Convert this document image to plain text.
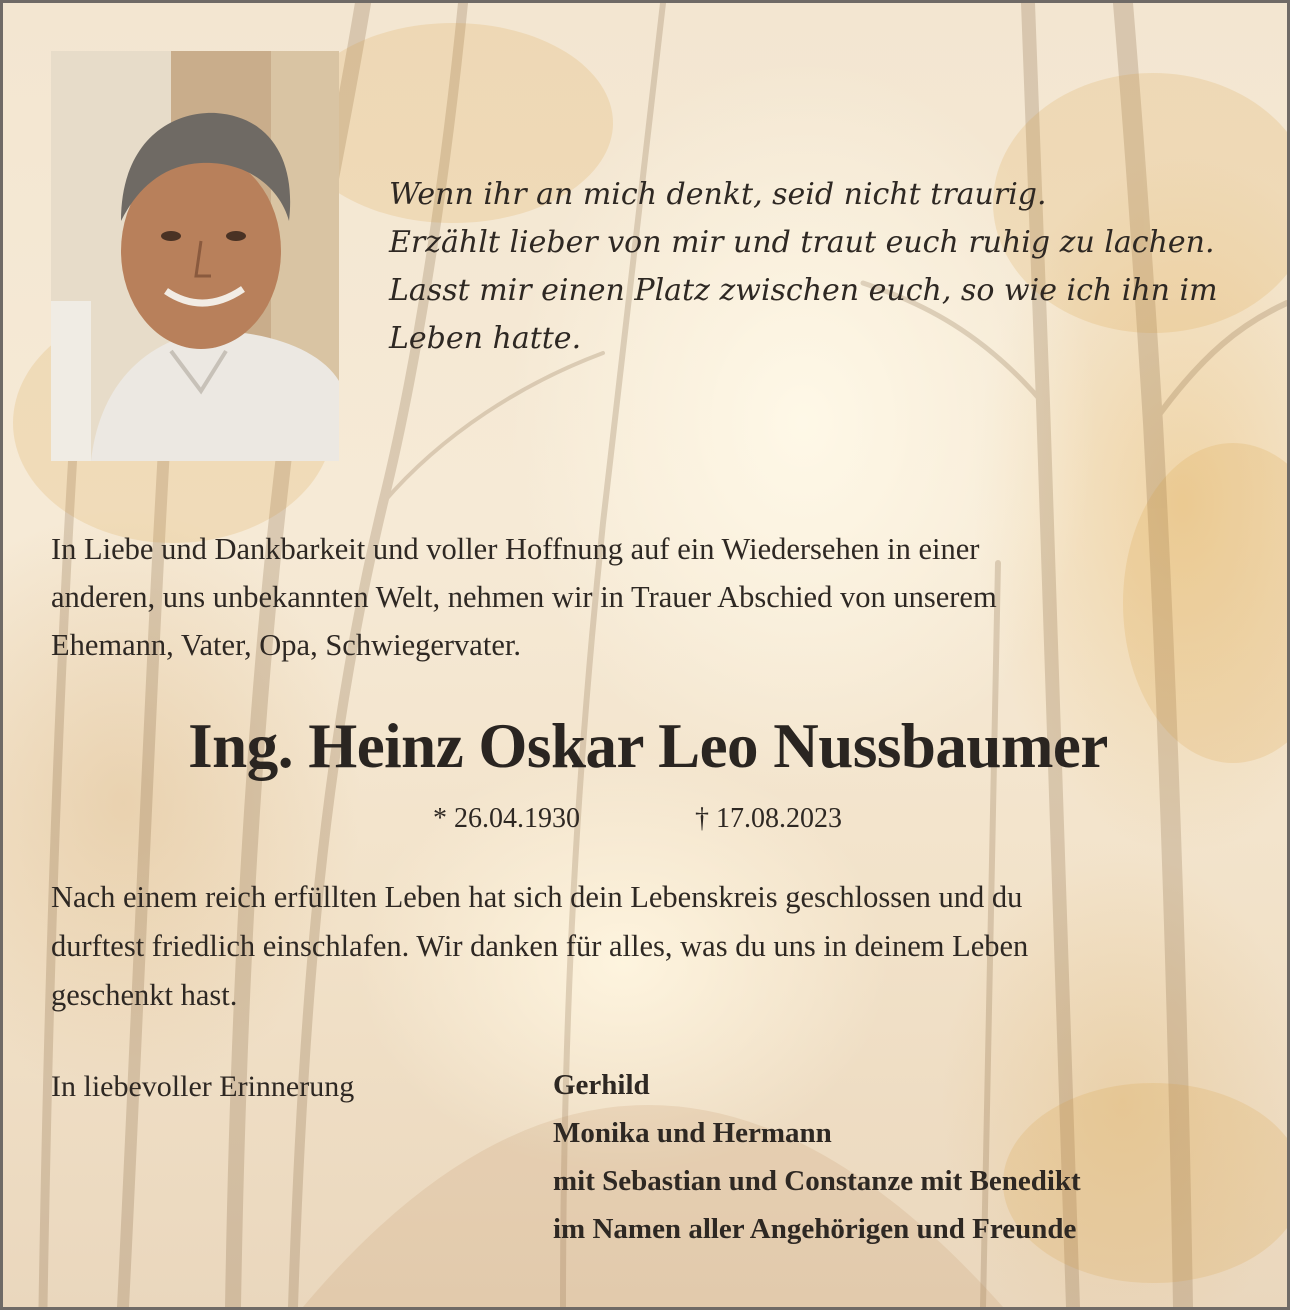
Wenn ihr an mich denkt, seid nicht traurig.
Erzählt lieber von mir und traut euch ruhig zu lachen.
Lasst mir einen Platz zwischen euch, so wie ich ihn im
Leben hatte.
In Liebe und Dankbarkeit und voller Hoffnung auf ein Wiedersehen in einer
anderen, uns unbekannten Welt, nehmen wir in Trauer Abschied von unserem
Ehemann, Vater, Opa, Schwiegervater.
Ing. Heinz Oskar Leo Nussbaumer
* 26.04.1930	† 17.08.2023
Nach einem reich erfüllten Leben hat sich dein Lebenskreis geschlossen und du
durftest friedlich einschlafen. Wir danken für alles, was du uns in deinem Leben
geschenkt hast.
In liebevoller Erinnerung	Gerhild
Monika und Hermann
mit Sebastian und Constanze mit Benedikt
im Namen aller Angehörigen und Freunde
